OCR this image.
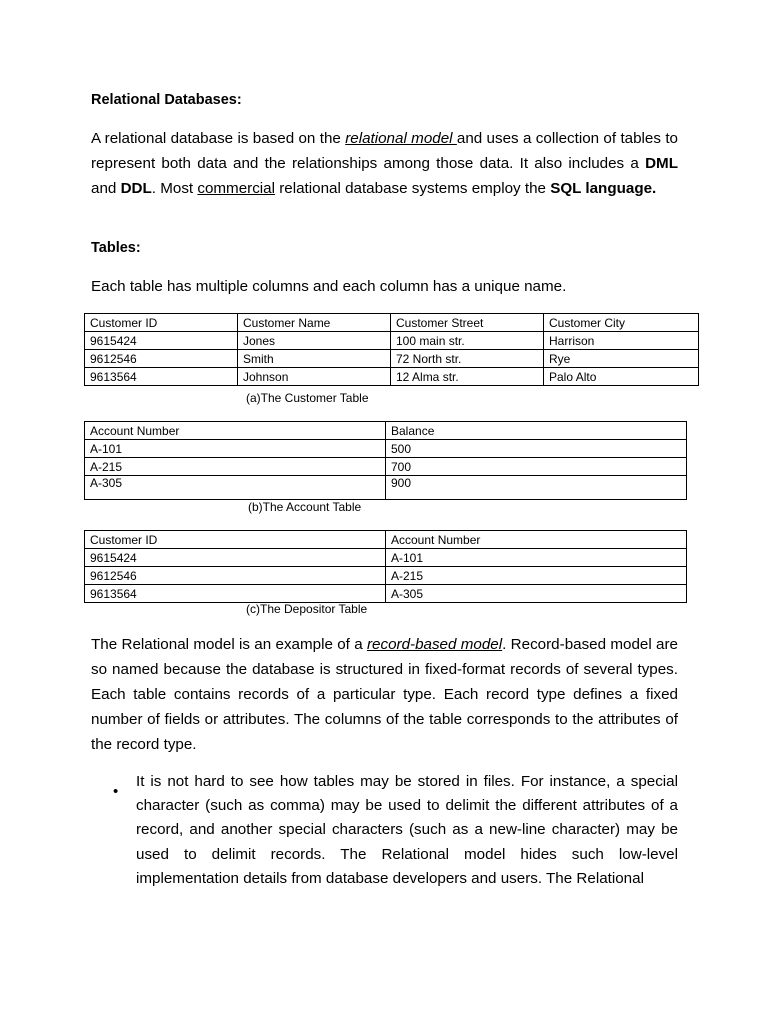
Relational Databases:

A relational database is based on the relational model and uses a collection of tables to represent both data and the relationships among those data. It also includes a DML and DDL. Most commercial relational database systems employ the SQL language.

Tables:

Each table has multiple columns and each column has a unique name.

Customer ID	Customer Name	Customer Street	Customer City
9615424	Jones	100 main str.	Harrison
9612546	Smith	72 North str.	Rye
9613564	Johnson	12 Alma str.	Palo Alto

(a)The Customer Table

Account Number	Balance
A-101	500
A-215	700
A-305	900

(b)The Account Table

Customer ID	Account Number
9615424	A-101
9612546	A-215
9613564	A-305

(c)The Depositor Table

The Relational model is an example of a record-based model. Record-based model are so named because the database is structured in fixed-format records of several types. Each table contains records of a particular type. Each record type defines a fixed number of fields or attributes. The columns of the table corresponds to the attributes of the record type.

•

It is not hard to see how tables may be stored in files. For instance, a special character (such as comma) may be used to delimit the different attributes of a record, and another special characters (such as a new-line character) may be used to delimit records. The Relational model hides such low-level implementation details from database developers and users. The Relational
